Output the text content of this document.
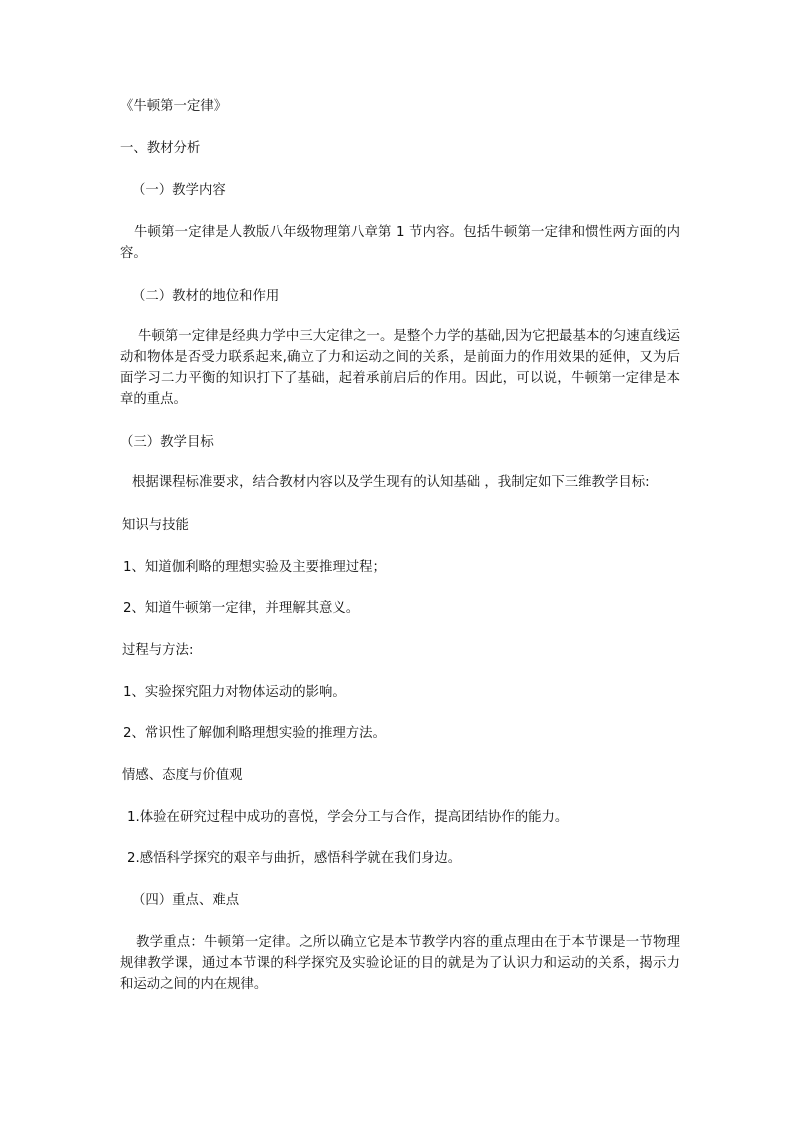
《牛顿第一定律》
一、教材分析
（一）教学内容
牛顿第一定律是人教版八年级物理第八章第 1 节内容。包括牛顿第一定律和惯性两方面的内容。
（二）教材的地位和作用
牛顿第一定律是经典力学中三大定律之一。是整个力学的基础,因为它把最基本的匀速直线运动和物体是否受力联系起来,确立了力和运动之间的关系，是前面力的作用效果的延伸，又为后面学习二力平衡的知识打下了基础，起着承前启后的作用。因此，可以说，牛顿第一定律是本章的重点。
（三）教学目标
根据课程标准要求，结合教材内容以及学生现有的认知基础 ，我制定如下三维教学目标:
知识与技能
1、知道伽利略的理想实验及主要推理过程；
2、知道牛顿第一定律，并理解其意义。
过程与方法:
1、实验探究阻力对物体运动的影响。
2、常识性了解伽利略理想实验的推理方法。
情感、态度与价值观
1.体验在研究过程中成功的喜悦，学会分工与合作，提高团结协作的能力。
2.感悟科学探究的艰辛与曲折，感悟科学就在我们身边。
（四）重点、难点
教学重点：牛顿第一定律。之所以确立它是本节教学内容的重点理由在于本节课是一节物理规律教学课，通过本节课的科学探究及实验论证的目的就是为了认识力和运动的关系，揭示力和运动之间的内在规律。
